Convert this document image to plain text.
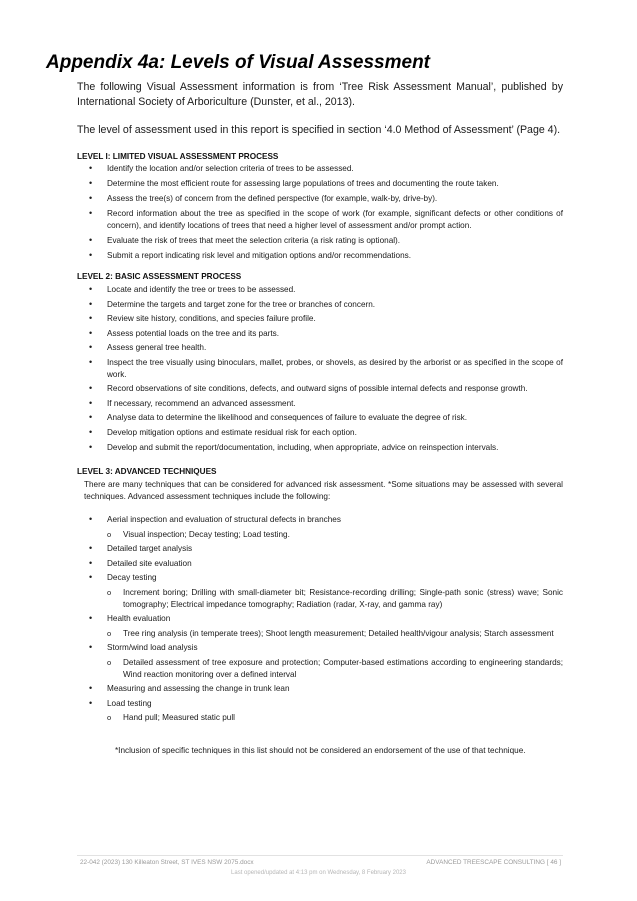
Appendix 4a: Levels of Visual Assessment

The following Visual Assessment information is from ‘Tree Risk Assessment Manual’, published by International Society of Arboriculture (Dunster, et al., 2013).

The level of assessment used in this report is specified in section ‘4.0 Method of Assessment’ (Page 4).

LEVEL I: LIMITED VISUAL ASSESSMENT PROCESS

• Identify the location and/or selection criteria of trees to be assessed.
• Determine the most efficient route for assessing large populations of trees and documenting the route taken.
• Assess the tree(s) of concern from the defined perspective (for example, walk-by, drive-by).
• Record information about the tree as specified in the scope of work (for example, significant defects or other conditions of concern), and identify locations of trees that need a higher level of assessment and/or prompt action.
• Evaluate the risk of trees that meet the selection criteria (a risk rating is optional).
• Submit a report indicating risk level and mitigation options and/or recommendations.

LEVEL 2: BASIC ASSESSMENT PROCESS

• Locate and identify the tree or trees to be assessed.
• Determine the targets and target zone for the tree or branches of concern.
• Review site history, conditions, and species failure profile.
• Assess potential loads on the tree and its parts.
• Assess general tree health.
• Inspect the tree visually using binoculars, mallet, probes, or shovels, as desired by the arborist or as specified in the scope of work.
• Record observations of site conditions, defects, and outward signs of possible internal defects and response growth.
• If necessary, recommend an advanced assessment.
• Analyse data to determine the likelihood and consequences of failure to evaluate the degree of risk.
• Develop mitigation options and estimate residual risk for each option.
• Develop and submit the report/documentation, including, when appropriate, advice on reinspection intervals.

LEVEL 3: ADVANCED TECHNIQUES

There are many techniques that can be considered for advanced risk assessment. *Some situations may be assessed with several techniques. Advanced assessment techniques include the following:

• Aerial inspection and evaluation of structural defects in branches
o Visual inspection; Decay testing; Load testing.
• Detailed target analysis
• Detailed site evaluation
• Decay testing
o Increment boring; Drilling with small-diameter bit; Resistance-recording drilling; Single-path sonic (stress) wave; Sonic tomography; Electrical impedance tomography; Radiation (radar, X-ray, and gamma ray)
• Health evaluation
o Tree ring analysis (in temperate trees); Shoot length measurement; Detailed health/vigour analysis; Starch assessment
• Storm/wind load analysis
o Detailed assessment of tree exposure and protection; Computer-based estimations according to engineering standards; Wind reaction monitoring over a defined interval
• Measuring and assessing the change in trunk lean
• Load testing
o Hand pull; Measured static pull

*Inclusion of specific techniques in this list should not be considered an endorsement of the use of that technique.

22-042 (2023) 130 Killeaton Street, ST IVES NSW 2075.docx	ADVANCED TREESCAPE CONSULTING [ 46 ]
Last opened/updated at 4:13 pm on Wednesday, 8 February 2023
